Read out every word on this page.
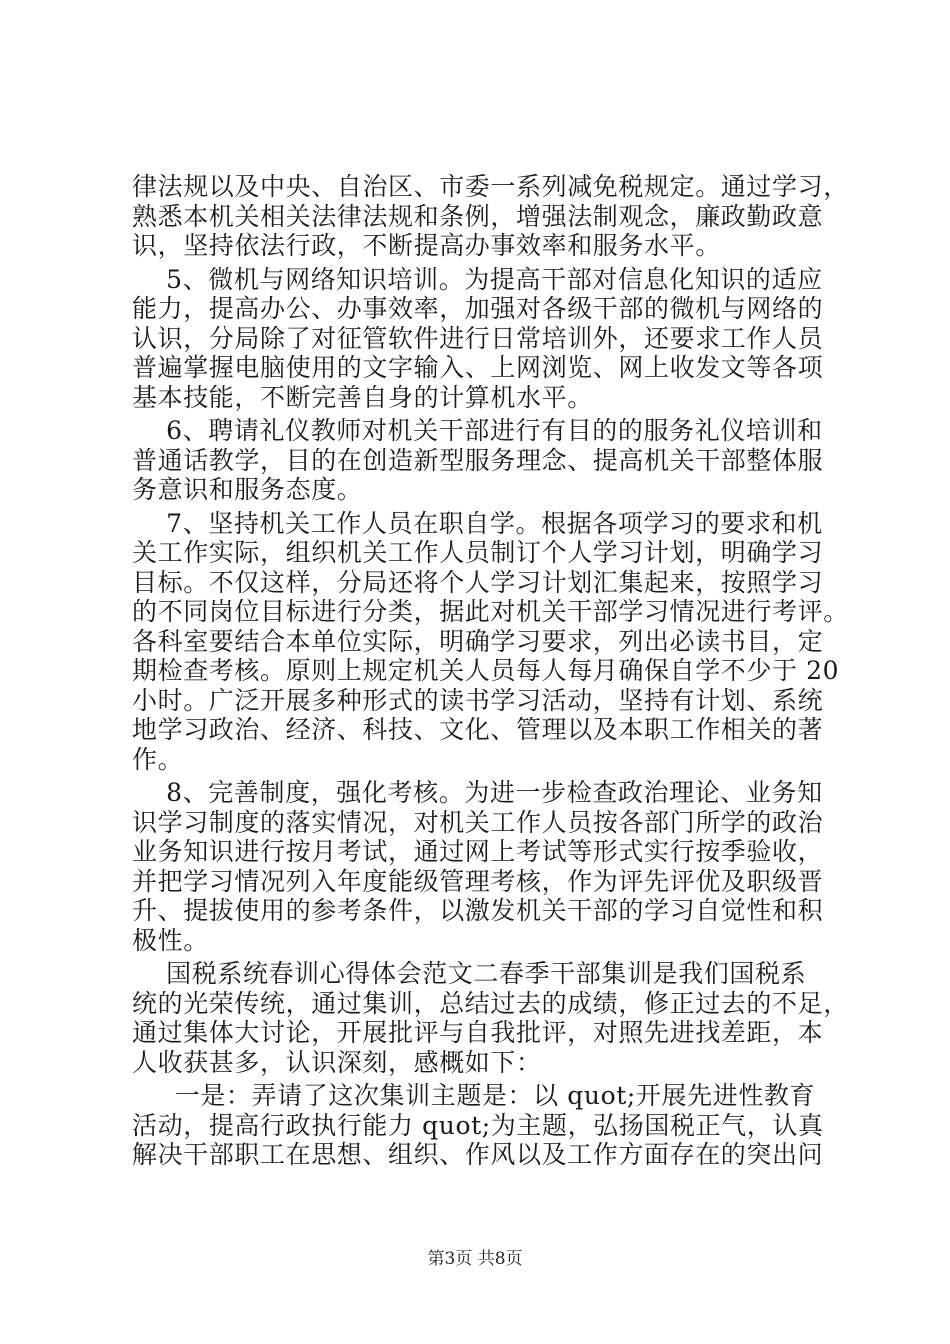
律法规以及中央、自治区、市委一系列减免税规定。通过学习，
熟悉本机关相关法律法规和条例，增强法制观念，廉政勤政意
识，坚持依法行政，不断提高办事效率和服务水平。
5、微机与网络知识培训。为提高干部对信息化知识的适应
能力，提高办公、办事效率，加强对各级干部的微机与网络的
认识，分局除了对征管软件进行日常培训外，还要求工作人员
普遍掌握电脑使用的文字输入、上网浏览、网上收发文等各项
基本技能，不断完善自身的计算机水平。
6、聘请礼仪教师对机关干部进行有目的的服务礼仪培训和
普通话教学，目的在创造新型服务理念、提高机关干部整体服
务意识和服务态度。
7、坚持机关工作人员在职自学。根据各项学习的要求和机
关工作实际，组织机关工作人员制订个人学习计划，明确学习
目标。不仅这样，分局还将个人学习计划汇集起来，按照学习
的不同岗位目标进行分类，据此对机关干部学习情况进行考评。
各科室要结合本单位实际，明确学习要求，列出必读书目，定
期检查考核。原则上规定机关人员每人每月确保自学不少于 20
小时。广泛开展多种形式的读书学习活动，坚持有计划、系统
地学习政治、经济、科技、文化、管理以及本职工作相关的著
作。
8、完善制度，强化考核。为进一步检查政治理论、业务知
识学习制度的落实情况，对机关工作人员按各部门所学的政治
业务知识进行按月考试，通过网上考试等形式实行按季验收，
并把学习情况列入年度能级管理考核，作为评先评优及职级晋
升、提拔使用的参考条件，以激发机关干部的学习自觉性和积
极性。
国税系统春训心得体会范文二春季干部集训是我们国税系
统的光荣传统，通过集训，总结过去的成绩，修正过去的不足，
通过集体大讨论，开展批评与自我批评，对照先进找差距，本
人收获甚多，认识深刻，感概如下：
一是：弄请了这次集训主题是：以 quot;开展先进性教育
活动，提高行政执行能力 quot;为主题，弘扬国税正气，认真
解决干部职工在思想、组织、作风以及工作方面存在的突出问
第3页 共8页
